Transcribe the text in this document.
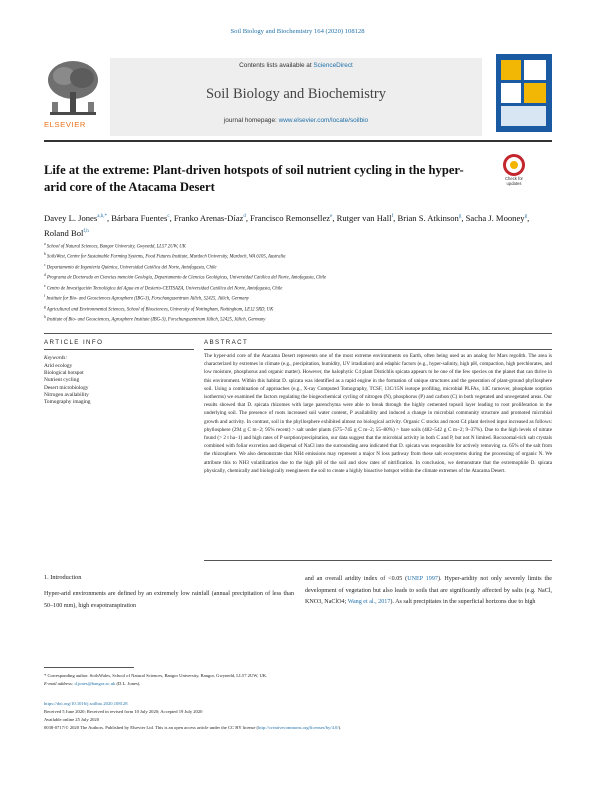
Soil Biology and Biochemistry 164 (2020) 108128
ELSEVIER
Contents lists available at ScienceDirect
Soil Biology and Biochemistry
journal homepage: www.elsevier.com/locate/soilbio
Life at the extreme: Plant-driven hotspots of soil nutrient cycling in the hyper-arid core of the Atacama Desert
Check for updates
Davey L. Jones$^{a,b,*}$, Bárbara Fuentes$^c$, Franko Arenas-Díaz$^d$, Francisco Remonsellez$^e$, Rutger van Hall$^f$, Brian S. Atkinson$^g$, Sacha J. Mooney$^g$, Roland Bol$^{f,h}$
$^a$ School of Natural Sciences, Bangor University, Gwynedd, LL57 2UW, UK
$^b$ SoilsWest, Centre for Sustainable Farming Systems, Food Futures Institute, Murdoch University, Murdoch, WA 6105, Australia
$^c$ Departamento de Ingeniería Química, Universidad Católica del Norte, Antofagasta, Chile
$^d$ Programa de Doctorado en Ciencias mención Geología, Departamento de Ciencias Geológicas, Universidad Católica del Norte, Antofagasta, Chile
$^e$ Centro de Investigación Tecnológica del Agua en el Desierto-CEITSAZA, Universidad Católica del Norte, Antofagasta, Chile
$^f$ Institute for Bio- and Geosciences Agrosphere (IBG-3), Forschungszentrum Jülich, 52425, Jülich, Germany
$^g$ Agricultural and Environmental Sciences, School of Biosciences, University of Nottingham, Nottingham, LE12 5RD, UK
$^h$ Institute of Bio- and Geosciences, Agrosphere Institute (IBG-3), Forschungszentrum Jülich, 52425, Jülich, Germany
ARTICLE INFO	ABSTRACT
Keywords:
Arid ecology
Biological hotspot
Nutrient cycling
Desert microbiology
Nitrogen availability
Tomography imaging
The hyper-arid core of the Atacama Desert represents one of the most extreme environments on Earth, often being used as an analog for Mars regolith. The area is characterized by extremes in climate (e.g., precipitation, humidity, UV irradiation) and edaphic factors (e.g., hyper-salinity, high pH, compaction, high perchlorates, and low moisture, phosphorus and organic matter). However, the halophytic C4 plant Distichlis spicata appears to be one of the few species on the planet that can thrive in this environment. Within this habitat D. spicata was identified as a rapid engine in the formation of unique structures and the generation of plant-ground phyllosphere soil. Using a combination of approaches (e.g., X-ray Computed Tomography, TCSF, 13C/15N isotope profiling, microbial PLFAs, 14C turnover, phosphate sorption isotherms) we examined the factors regulating the biogeochemical cycling of nitrogen (N), phosphorus (P) and carbon (C) in both vegetated and unvegetated areas. Our results showed that D. spicata rhizomes with large parenchyma were able to break through the highly cemented topsoil layer leading to root proliferation in the underlying soil. The presence of roots increased soil water content, P availability and induced a change in microbial community structure and promoted microbial growth and activity. In contrast, soil in the phyllosphere exhibited almost no biological activity. Organic C stocks and most C4 plant derived input increased as follows: phyllosphere (294 g C m−2; 95% recent) > salt under plants (575–745 g C m−2; 55–80%) > bare soils (482–542 g C m−2; 9–37%). Due to the high levels of nitrate found (> 2 t ha−1) and high rates of P sorption/precipitation, our data suggest that the microbial activity in both C and P, but not N limited. Rocozomal-rich salt crystals combined with foliar excretion and dispersal of NaCl into the surrounding area indicated that D. spicata was responsible for actively removing ca. 65% of the salt from the rhizosphere. We also demonstrate that NH4 emissions may represent a major N loss pathway from these salt ecosystems during the processing of organic N. We attribute this to NH3 volatilization due to the high pH of the soil and slow rates of nitrification. In conclusion, we demonstrate that the extremophile D. spicata physically, chemically and biologically reengineers the soil to create a highly bioactive hotspot within the climate extremes of the Atacama Desert.
1. Introduction
Hyper-arid environments are defined by an extremely low rainfall (annual precipitation of less than 50–100 mm), high evapotranspiration
and an overall aridity index of <0.05 (UNEP 1997). Hyper-aridity not only severely limits the development of vegetation but also leads to soils that are significantly affected by salts (e.g. NaCl, KNO3, NaClO4; Wang et al., 2017). As salt precipitates in the superficial horizons due to high
* Corresponding author. SoilsWales, School of Natural Sciences, Bangor University, Bangor, Gwynedd, LL57 2UW, UK.
E-mail address: d.jones@bangor.ac.uk (D.L. Jones).
https://doi.org/10.1016/j.soilbio.2020.108128
Received 5 June 2020; Received in revised form 10 July 2020; Accepted 19 July 2020
Available online 25 July 2020
0038-0717/© 2020 The Authors. Published by Elsevier Ltd. This is an open access article under the CC BY license (http://creativecommons.org/licenses/by/4.0/).
